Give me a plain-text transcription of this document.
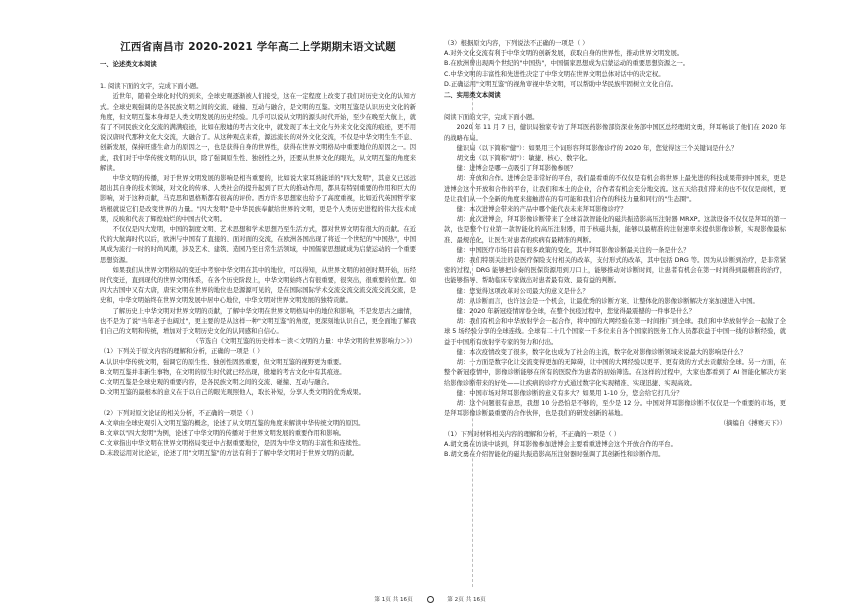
江西省南昌市 2020-2021 学年高二上学期期末语文试题
一、论述类文本阅读
1. 阅读下面的文字，完成下面小题。
近世年，随着全球化时代的到来，全球史观逐渐被人们接受，这在一定程度上改变了我们对历史文化的认知方式。全球史观强调的是各民族文明之间的交流、碰撞、互动与融合，是文明的互鉴。文明互鉴是认识历史文化的新角度，但文明互鉴本身却是人类文明发展的历史经验。几乎可以说从文明的源头时代开始，至少在晚至大航上，就有了不同民族文化交流的满满痕迹，比如在殷墟的考古文化中，就发现了本土文化与外来文化交流的痕迹，更不用说汉唐时代那种文化大交流，大融合了。从这种观点来看，源远流长的对外文化交流，不仅是中华文明生生不息、创新发展，保持旺盛生命力的原因之一，也是获得自身的世界性，获得在世界文明格局中重要地位的原因之一。因此，我们对于中华传统文明的认识，除了强调原生性、独创性之外，还要从世界文化的眼光，从文明互鉴的角度来解读。
中华文明的传播，对于世界文明发展的影响是相当重要的，比如说大家耳熟能详的"四大发明"，其意义已远远超出其自身的技术领域，对文化的传承、人类社会的提升起到了巨大的推动作用，都具有特别重要的作用和巨大的影响，对于这种贡献，马克思和恩格斯都有很高的评价。西方许多思想家也给予了高度重视，比如近代英国哲学家培根就说它们是改变世界的力量。"四大发明"是中华民族奉献给世界的文明，更是个人类历史进程的伟大技术成果，反映和代表了辉煌灿烂的中国古代文明。
不仅仅是四大发明，中国的制度文明、艺术思想和学术思想乃至生活方式，都对世界文明有很大的贡献。在近代的大航海时代以后，欧洲与中国有了直接的、面对面的交流，在欧洲各国出现了将近一个世纪的"中国热"，中国风成为流行一时的时尚风潮，涉及艺术、建筑、造园乃至日常生活领域，中国儒家思想就成为启蒙运动的一个重要思想资源。
如果我们从世界文明格局的变迁中考察中华文明在其中的地位，可以得知，从世界文明的初创时期开始，历经时代变迁，直到现代的世界文明体系，在各个历史阶段上，中华文明始终占有很重要，很突出，很重要的位置。如四大古国中又有大唐，唐宋文明在世界的地位也是源源可见的，是在国际国际学术交流交流交流交流交流交流，是史和，中华文明始终在世界文明发展中居中心地位，中华文明对世界文明发展的独特贡献。
了解历史上中华文明对世界文明的贡献，了解中华文明在世界文明格局中的地位和影响，不是发思古之幽情，也不是为了说"当年老子也阔过"，更主要的是从这样一种"文明互鉴"的角度，更深刻地认识自己，更全面地了解我们自己的文明和传统，增加对于文明历史文化的认同感和自信心。
（节选自《文明互鉴的历史样本－读＜文明的力量：中华文明的世界影响力＞》）
（1）下列关于原文内容的理解和分析，正确的一项是（ ）
A.认识中华传统文明，强调它的原生性、独创性固然重要，但文明互鉴的视野更为重要。
B.文明互鉴并非新生事物，在文明的原生时代就已经出现，殷墟的考古文化中有其痕迹。
C.文明互鉴是全球史观的重要内容，是各民族文明之间的交流、碰撞、互动与融合。
D.文明互鉴的最根本的意义在于以自己的眼光观照他人，取长补短，分享人类文明的优秀成果。
（2）下列对原文论证的相关分析，不正确的一项是（ ）
A.文章由全球史观引入文明互鉴的概念，论述了从文明互鉴的角度来解读中华传统文明的原因。
B.文章以"四大发明"为例，论述了中华文明的传播对于世界文明发展的重要作用和影响。
C.文章指出中华文明在世界文明格局变迁中占据重要地位，是因为中华文明的丰富性和连续性。
D.末段运用对比论证，论述了用"文明互鉴"的方法有利于了解中华文明对于世界文明的贡献。
（3）根据原文内容，下列说法不正确的一项是（ ）
A.对外文化交流有利于中华文明的创新发展，获取自身的世界性，推动世界文明发展。
B.在欧洲曾出现两个世纪的"中国热"，中国儒家思想成为启蒙运动的重要思想资源之一。
C.中华文明的丰富性和先进性决定了中华文明在世界文明总体对话中的决定权。
D.正确运用"文明互鉴"的视角审视中华文明，可以帮助中华民族牢固树立文化自信。
二、实用类文本阅读
阅读下面的文字，完成下面小题。
2020 年 11 月 7 日，健识局独家专访了拜耳医药影像部资深业务部中国区总经理胡文勇，拜耳畅谈了他们在 2020 年的战略布局。
健识局（以下简称"健"）：如果用三个词形容拜耳影像诊疗的 2020 年，您觉得这三个关键词是什么？
胡文勇（以下简称"胡"）：敏捷、核心、数字化。
健：进博会是哪一点吸引了拜耳影像参展？
胡：开放和合作。进博会是非常好的平台，我们最看重的不仅仅是有机会将世界上最先进的科技成果带到中国来，更是进博会这个开放和合作的平台，让我们和本土的企业，合作者有机会充分地交流。这五天给我们带来的也不仅仅是商机，更是让我们从一个全新的角度来接触潜在的有可能和我们合作的科技力量和同行的"生态圈"。
健：本次进博会带来的产品中哪个能代表未来拜耳影像诊疗？
胡：此次进博会，拜耳影像诊断带来了全球首款智能化的磁共振造影高压注射器 MRXP。这款设备不仅仅是拜耳的第一款，也是整个行业第一款智能化的高压注射器，用于核磁共振，能够以最精准的注射速率来提供影像诊断，实现影像最标准、最规范化，让医生对患者的疾病有最精准的判断。
健：中国医疗市场目前有很多政策的变化，其中拜耳影像诊断最关注的一条是什么？
胡：我们特别关注的是医疗保险支付相关的改革，支付形式的改革，其中包括 DRG 等。因为从诊断到治疗，是非常紧密的过程，DRG 能够把诊奏的医保资源用到刀口上，能够推动对诊断时间，让患者有机会在第一时间得到最精准的治疗，也能够指导、帮助临床专家做出对患者最有效、最有益的判断。
健：您觉得这项改革对公司最大的意义是什么？
胡：从诊断而言，也许这会是一个机会，让最优秀的诊断方案、让整体化的影像诊断解决方案加速进入中国。
健：2020 年新冠疫情席卷全球，在整个抗疫过程中，您觉得最震撼的一件事是什么？
胡：我们有机会和中华放射学会一起合作，将中国的大网经验在第一时间推广到全球。我们和中华放射学会一起做了全球 5 场经验分享的全球连线。全球有二十几个国家一千多位来自各个国家的医务工作人员都获益于中国一线的诊断经验，就益于中国所有放射学专家的努力和付出。
健：本次疫情改变了很多，数字化也成为了社会的主流，数字化对影像诊断领域来说最大的影响是什么？
胡：一方面是数字化让交流变得更加的无障碍，让中国的大网经验以更平、更有效的方式去贡献给全球。另一方面，在整个新冠疫情中，影像诊断能够在所有的医院作为患者的初始筛选。在这样的过程中，大家也都看到了 AI 智能化解决方案给影像诊断带来的好处——让疾病的诊疗方式通过数字化实现精准、实现迅捷、实现高效。
健：中国市场对拜耳影像诊断的意义有多大？如果用 1-10 分，您会给它打几分？
胡：这个问题很有意思，我想 10 分恐怕是不够的，至少是 12 分。中国对拜耳影像诊断不仅仅是一个重要的市场，更是拜耳影像诊断最重要的合作伙伴，也是我们的研发创新的基地。
（摘编自《搏赛天下》）
（1）下列对材料相关内容的理解和分析，不正确的一项是（ ）
A.胡文勇在访谈中谈到，拜耳影像参加进博会主要看重进博会这个开放合作的平台。
B.胡文勇在介绍智能化的磁共振造影高压注射器时强调了其创新性和诊断作用。
第 1页 共 16页	第 2页 共 16页
